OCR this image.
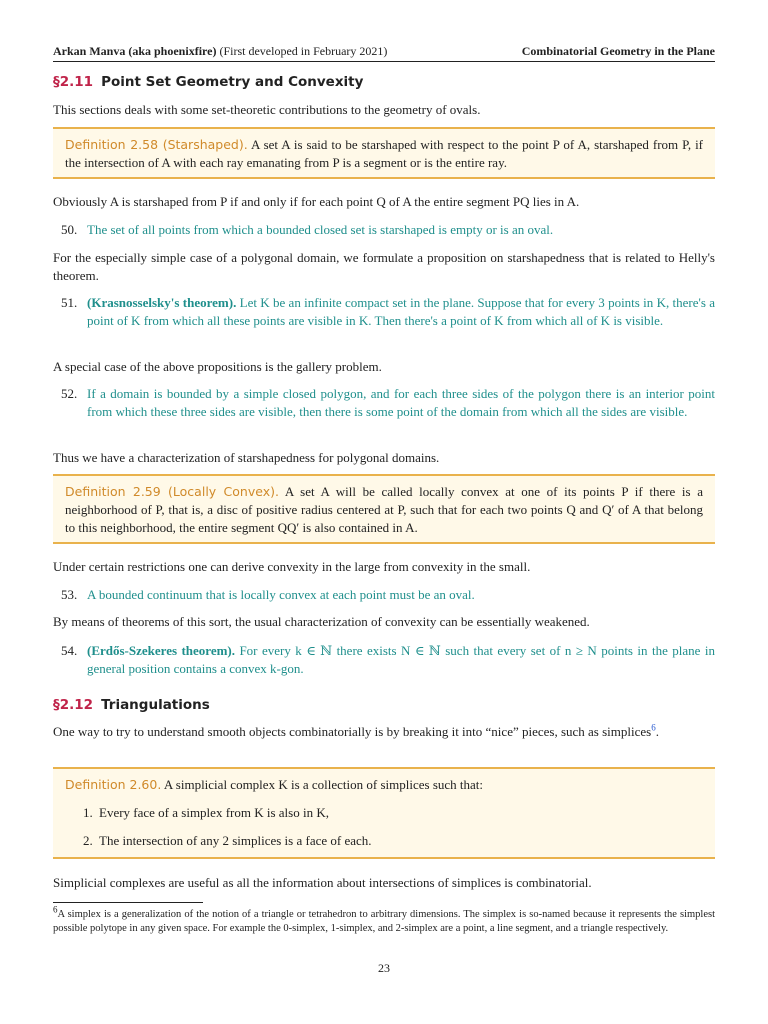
Arkan Manva (aka phoenixfire) (First developed in February 2021)	Combinatorial Geometry in the Plane
§2.11 Point Set Geometry and Convexity
This sections deals with some set-theoretic contributions to the geometry of ovals.
Definition 2.58 (Starshaped). A set A is said to be starshaped with respect to the point P of A, starshaped from P, if the intersection of A with each ray emanating from P is a segment or is the entire ray.
Obviously A is starshaped from P if and only if for each point Q of A the entire segment PQ lies in A.
50. The set of all points from which a bounded closed set is starshaped is empty or is an oval.
For the especially simple case of a polygonal domain, we formulate a proposition on starshapedness that is related to Helly's theorem.
51. (Krasnosselsky's theorem). Let K be an infinite compact set in the plane. Suppose that for every 3 points in K, there's a point of K from which all these points are visible in K. Then there's a point of K from which all of K is visible.
A special case of the above propositions is the gallery problem.
52. If a domain is bounded by a simple closed polygon, and for each three sides of the polygon there is an interior point from which these three sides are visible, then there is some point of the domain from which all the sides are visible.
Thus we have a characterization of starshapedness for polygonal domains.
Definition 2.59 (Locally Convex). A set A will be called locally convex at one of its points P if there is a neighborhood of P, that is, a disc of positive radius centered at P, such that for each two points Q and Q′ of A that belong to this neighborhood, the entire segment QQ′ is also contained in A.
Under certain restrictions one can derive convexity in the large from convexity in the small.
53. A bounded continuum that is locally convex at each point must be an oval.
By means of theorems of this sort, the usual characterization of convexity can be essentially weakened.
54. (Erdős-Szekeres theorem). For every k ∈ ℕ there exists N ∈ ℕ such that every set of n ≥ N points in the plane in general position contains a convex k-gon.
§2.12 Triangulations
One way to try to understand smooth objects combinatorially is by breaking it into “nice” pieces, such as simplices$^6$.
Definition 2.60. A simplicial complex K is a collection of simplices such that:
1. Every face of a simplex from K is also in K,
2. The intersection of any 2 simplices is a face of each.
Simplicial complexes are useful as all the information about intersections of simplices is combinatorial.
$^6$A simplex is a generalization of the notion of a triangle or tetrahedron to arbitrary dimensions. The simplex is so-named because it represents the simplest possible polytope in any given space. For example the 0-simplex, 1-simplex, and 2-simplex are a point, a line segment, and a triangle respectively.
23
